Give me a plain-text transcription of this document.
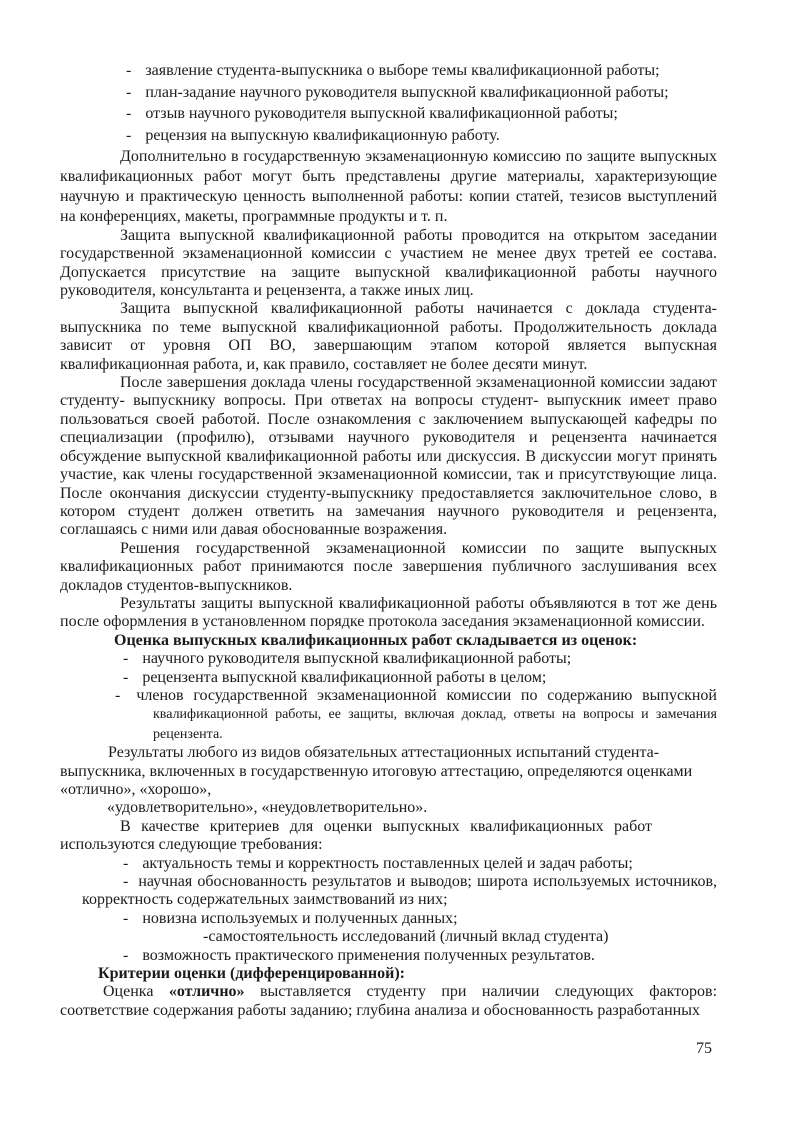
- заявление студента-выпускника о выборе темы квалификационной работы;
- план-задание научного руководителя выпускной квалификационной работы;
- отзыв научного руководителя выпускной квалификационной работы;
- рецензия на выпускную квалификационную работу.

Дополнительно в государственную экзаменационную комиссию по защите выпускных квалификационных работ могут быть представлены другие материалы, характеризующие научную и практическую ценность выполненной работы: копии статей, тезисов выступлений на конференциях, макеты, программные продукты и т. п.

Защита выпускной квалификационной работы проводится на открытом заседании государственной экзаменационной комиссии с участием не менее двух третей ее состава. Допускается присутствие на защите выпускной квалификационной работы научного руководителя, консультанта и рецензента, а также иных лиц.

Защита выпускной квалификационной работы начинается с доклада студента-выпускника по теме выпускной квалификационной работы. Продолжительность доклада зависит от уровня ОП ВО, завершающим этапом которой является выпускная квалификационная работа, и, как правило, составляет не более десяти минут.

После завершения доклада члены государственной экзаменационной комиссии задают студенту- выпускнику вопросы. При ответах на вопросы студент- выпускник имеет право пользоваться своей работой. После ознакомления с заключением выпускающей кафедры по специализации (профилю), отзывами научного руководителя и рецензента начинается обсуждение выпускной квалификационной работы или дискуссия. В дискуссии могут принять участие, как члены государственной экзаменационной комиссии, так и присутствующие лица. После окончания дискуссии студенту-выпускнику предоставляется заключительное слово, в котором студент должен ответить на замечания научного руководителя и рецензента, соглашаясь с ними или давая обоснованные возражения.

Решения государственной экзаменационной комиссии по защите выпускных квалификационных работ принимаются после завершения публичного заслушивания всех докладов студентов-выпускников.

Результаты защиты выпускной квалификационной работы объявляются в тот же день после оформления в установленном порядке протокола заседания экзаменационной комиссии.

Оценка выпускных квалификационных работ складывается из оценок:

- научного руководителя выпускной квалификационной работы;
- рецензента выпускной квалификационной работы в целом;

- членов государственной экзаменационной комиссии по содержанию выпускной квалификационной работы, ее защиты, включая доклад, ответы на вопросы и замечания рецензента.

Результаты любого из видов обязательных аттестационных испытаний студента-выпускника, включенных в государственную итоговую аттестацию, определяются оценками «отлично», «хорошо»,

«удовлетворительно», «неудовлетворительно».

В качестве критериев для оценки выпускных квалификационных работ используются следующие требования:

- актуальность темы и корректность поставленных целей и задач работы;

- научная обоснованность результатов и выводов; широта используемых источников, корректность содержательных заимствований из них;

- новизна используемых и полученных данных;
-самостоятельность исследований (личный вклад студента)
- возможность практического применения полученных результатов.

Критерии оценки (дифференцированной):

Оценка «отлично» выставляется студенту при наличии следующих факторов: соответствие содержания работы заданию; глубина анализа и обоснованность разработанных

75
